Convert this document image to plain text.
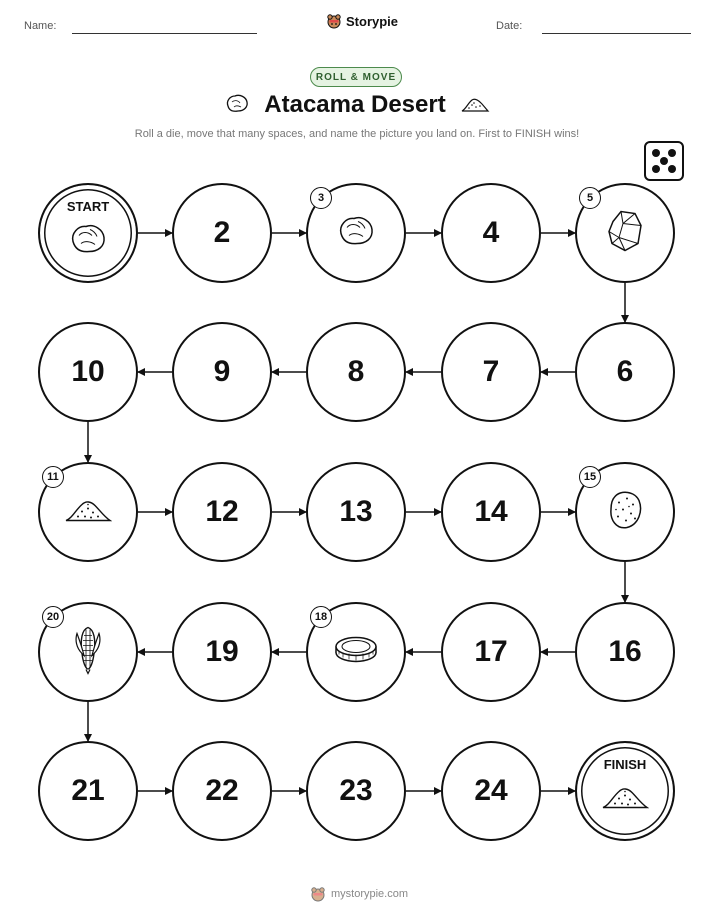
Name:	Storypie	Date:
ROLL & MOVE
Atacama Desert
Roll a die, move that many spaces, and name the picture you land on. First to FINISH wins!
START
2
3
4
5
6
7
8
9
10
11
12	13	14
15
16
17
18
19
20
21	22	23	24
FINISH
mystorypie.com
